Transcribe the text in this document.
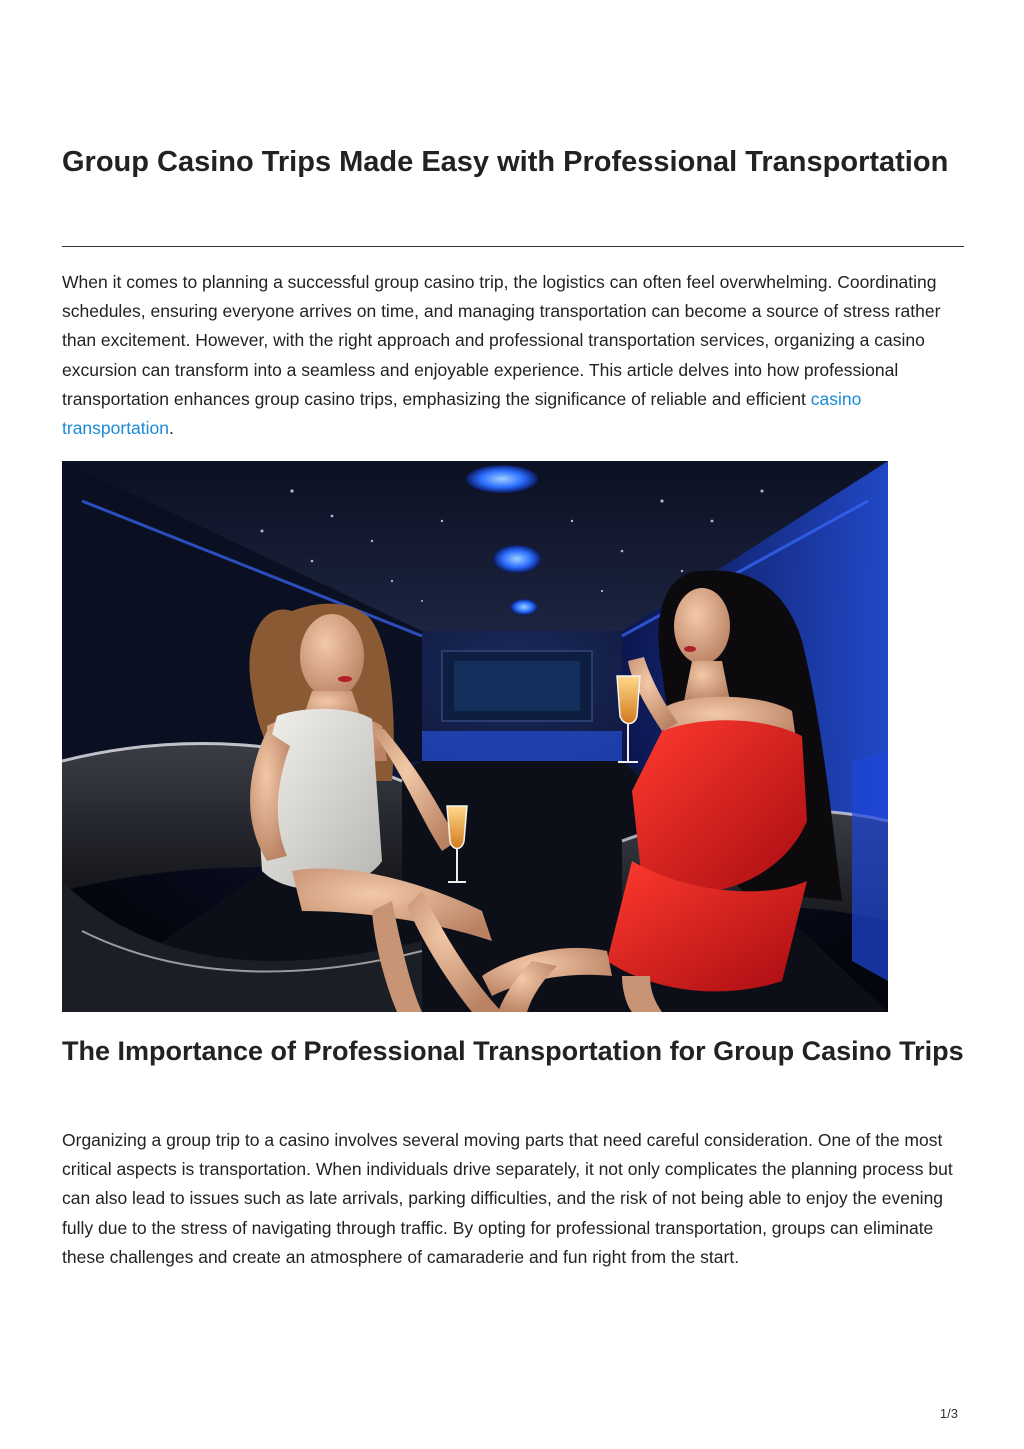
Group Casino Trips Made Easy with Professional Transportation

When it comes to planning a successful group casino trip, the logistics can often feel overwhelming. Coordinating schedules, ensuring everyone arrives on time, and managing transportation can become a source of stress rather than excitement. However, with the right approach and professional transportation services, organizing a casino excursion can transform into a seamless and enjoyable experience. This article delves into how professional transportation enhances group casino trips, emphasizing the significance of reliable and efficient casino transportation.

The Importance of Professional Transportation for Group Casino Trips

Organizing a group trip to a casino involves several moving parts that need careful consideration. One of the most critical aspects is transportation. When individuals drive separately, it not only complicates the planning process but can also lead to issues such as late arrivals, parking difficulties, and the risk of not being able to enjoy the evening fully due to the stress of navigating through traffic. By opting for professional transportation, groups can eliminate these challenges and create an atmosphere of camaraderie and fun right from the start.

1/3
